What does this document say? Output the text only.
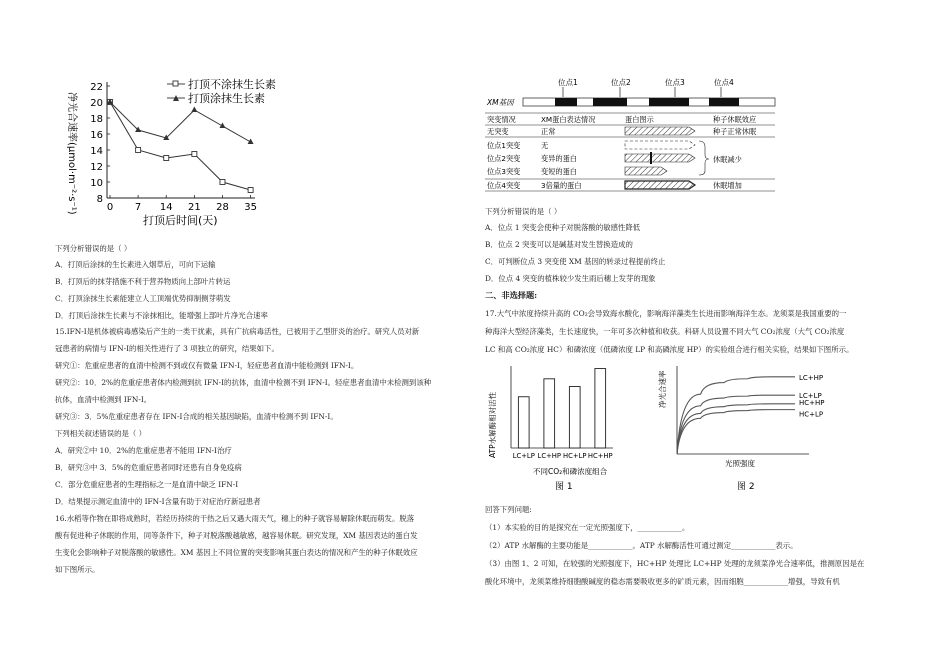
22
20
18
16
14
12
10
8
0 7 14 21 28 35
净光合速率(μmol·m⁻²·s⁻¹)
打顶后时间(天)
打顶不涂抹生长素
打顶涂抹生长素
下列分析错误的是（ ）
A．打顶后涂抹的生长素进入烟草后，可向下运输
B．打顶后的抹芽措施不利于营养物质向上部叶片转运
C．打顶涂抹生长素能建立人工顶端优势抑制侧芽萌发
D．打顶后涂抹生长素与不涂抹相比，能增强上部叶片净光合速率
15.IFN-Ⅰ是机体被病毒感染后产生的一类干扰素，具有广抗病毒活性，已被用于乙型肝炎的治疗。研究人员对新
冠患者的病情与 IFN-Ⅰ的相关性进行了 3 项独立的研究，结果如下。
研究①：危重症患者的血清中检测不到或仅有微量 IFN-Ⅰ，轻症患者血清中能检测到 IFN-Ⅰ。
研究②：10．2%的危重症患者体内检测到抗 IFN-Ⅰ的抗体，血清中检测不到 IFN-Ⅰ。轻症患者血清中未检测到该种
抗体，血清中检测到 IFN-Ⅰ。
研究③：3．5%危重症患者存在 IFN-Ⅰ合成的相关基因缺陷，血清中检测不到 IFN-Ⅰ。
下列相关叙述错误的是（ ）
A．研究②中 10．2%的危重症患者不能用 IFN-Ⅰ治疗
B．研究③中 3．5%的危重症患者同时还患有自身免疫病
C．部分危重症患者的生理指标之一是血清中缺乏 IFN-Ⅰ
D．结果提示测定血清中的 IFN-Ⅰ含量有助于对症治疗新冠患者
16.水稻等作物在即将成熟时，若经历持续的干热之后又遇大雨天气，穗上的种子就容易解除休眠而萌发。脱落
酸有促进种子休眠的作用，同等条件下，种子对脱落酸越敏感，越容易休眠。研究发现，XM 基因表达的蛋白发
生变化会影响种子对脱落酸的敏感性。XM 基因上不同位置的突变影响其蛋白表达的情况和产生的种子休眠效应
如下图所示。
位点1	位点2	位点3	位点4
XM基因
突变情况	XM蛋白表达情况	蛋白图示	种子休眠效应
无突变	正常	种子正常休眠
位点1突变	无
位点2突变	变异的蛋白
位点3突变	变短的蛋白
休眠减少
位点4突变	3倍量的蛋白	休眠增加
下列分析错误的是（ ）
A．位点 1 突变会使种子对脱落酸的敏感性降低
B．位点 2 突变可以是碱基对发生替换造成的
C．可判断位点 3 突变使 XM 基因的转录过程提前终止
D．位点 4 突变的植株较少发生雨后穗上发芽的现象
二、非选择题:
17.大气中浓度持续升高的 CO₂会导致海水酸化，影响海洋藻类生长进而影响海洋生态。龙须菜是我国重要的一
种海洋大型经济藻类，生长速度快，一年可多次种植和收获。科研人员设置不同大气 CO₂浓度（大气 CO₂浓度
LC 和高 CO₂浓度 HC）和磷浓度（低磷浓度 LP 和高磷浓度 HP）的实验组合进行相关实验，结果如下图所示。
ATP水解酶相对活性 LC+LP LC+HP HC+LP HC+HP
不同CO₂和磷浓度组合
图 1
净光合速率	LC+HP
LC+LP
HC+HP
HC+LP
光照强度
图 2
回答下列问题:
（1）本实验的目的是探究在一定光照强度下，____________。
（2）ATP 水解酶的主要功能是____________。ATP 水解酶活性可通过测定____________表示。
（3）由图 1、2 可知，在较强的光照强度下，HC+HP 处理比 LC+HP 处理的龙须菜净光合速率低，推测原因是在
酸化环境中，龙须菜维持细胞酸碱度的稳态需要吸收更多的矿质元素，因而细胞____________增强，导致有机
